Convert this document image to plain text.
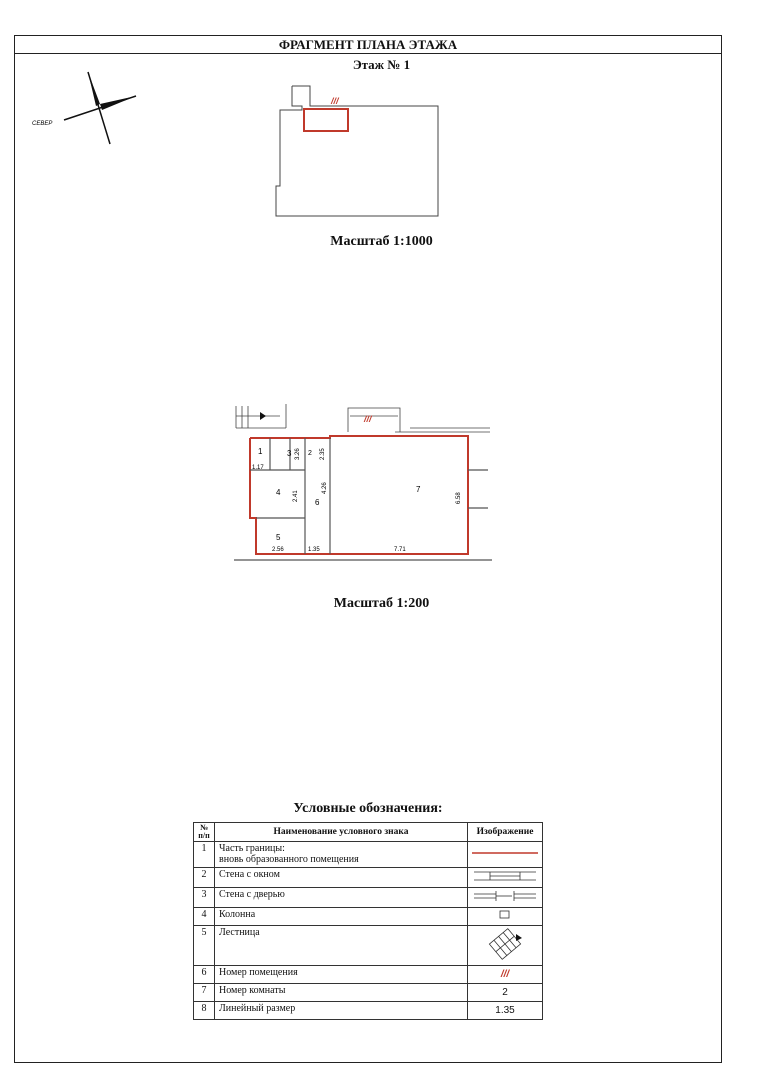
ФРАГМЕНТ ПЛАНА ЭТАЖА
Этаж № 1
СЕВЕР
///
Масштаб 1:1000
///
1	2
3
4
5
6
7
1.17
3.26	2.35
2.41
4.26
6.58
2.56	1.35	7.71
Масштаб 1:200
Условные обозначения:
№ п/п	Наименование условного знака	Изображение
1	Часть границы:
вновь образованного помещения

2	Стена с окном	
3	Стена с дверью	
4	Колонна	
5	Лестница	
6	Номер помещения	///
7	Номер комнаты	2
8	Линейный размер	1.35
